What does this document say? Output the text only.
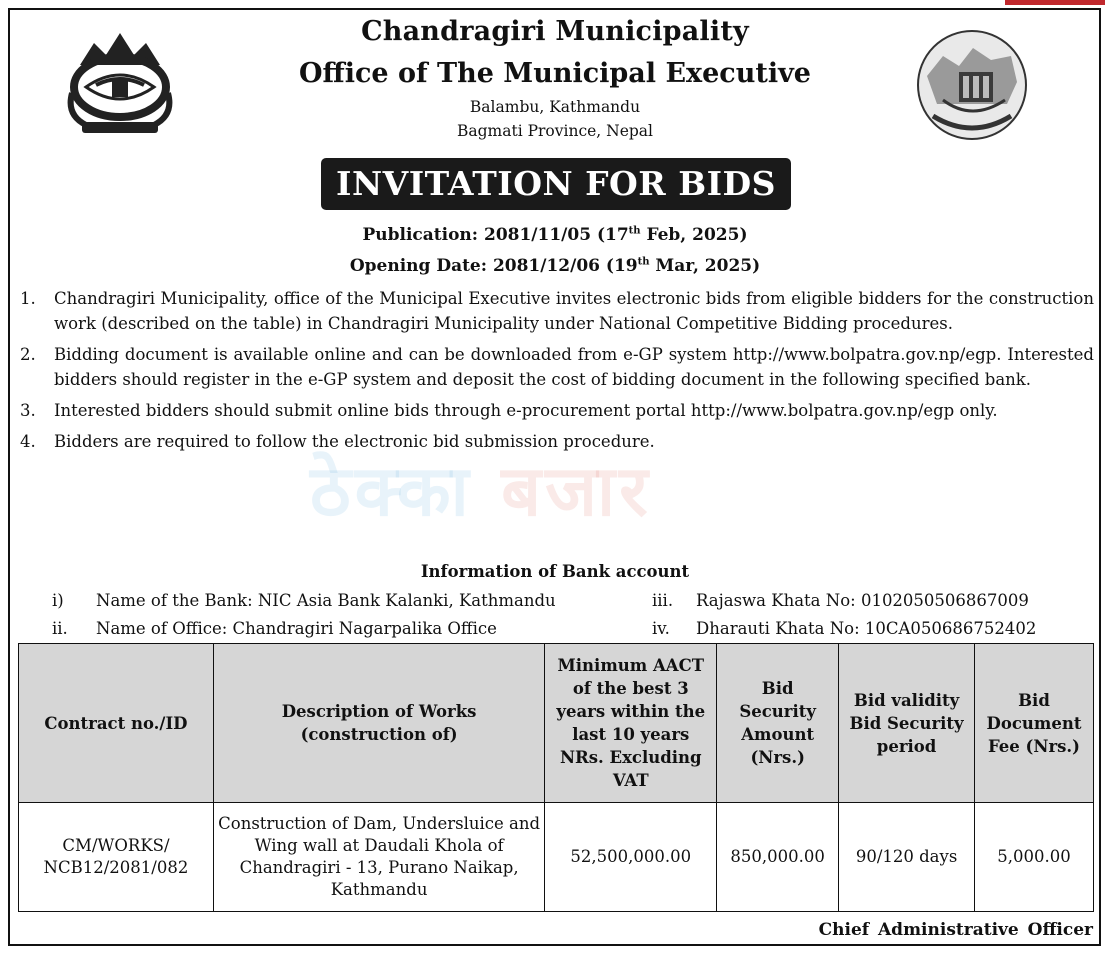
Chandragiri Municipality
Office of The Municipal Executive
Balambu, Kathmandu
Bagmati Province, Nepal
INVITATION FOR BIDS
Publication: 2081/11/05 (17th Feb, 2025)
Opening Date: 2081/12/06 (19th Mar, 2025)
ठेक्का बजार
1. Chandragiri Municipality, office of the Municipal Executive invites electronic bids from eligible bidders for the construction work (described on the table) in Chandragiri Municipality under National Competitive Bidding procedures.
2. Bidding document is available online and can be downloaded from e-GP system http://www.bolpatra.gov.np/egp. Interested bidders should register in the e-GP system and deposit the cost of bidding document in the following specified bank.
3. Interested bidders should submit online bids through e-procurement portal http://www.bolpatra.gov.np/egp only.
4. Bidders are required to follow the electronic bid submission procedure.
Information of Bank account
i) Name of the Bank: NIC Asia Bank Kalanki, Kathmandu	iii. Rajaswa Khata No: 0102050506867009
ii. Name of Office: Chandragiri Nagarpalika Office	iv. Dharauti Khata No: 10CA050686752402
Contract no./ID	Description of Works (construction of)	Minimum AACT of the best 3 years within the last 10 years NRs. Excluding VAT	Bid Security Amount (Nrs.)	Bid validity Bid Security period	Bid Document Fee (Nrs.)
CM/WORKS/ NCB12/2081/082	Construction of Dam, Undersluice and Wing wall at Daudali Khola of Chandragiri - 13, Purano Naikap, Kathmandu	52,500,000.00	850,000.00	90/120 days	5,000.00
Chief Administrative Officer
